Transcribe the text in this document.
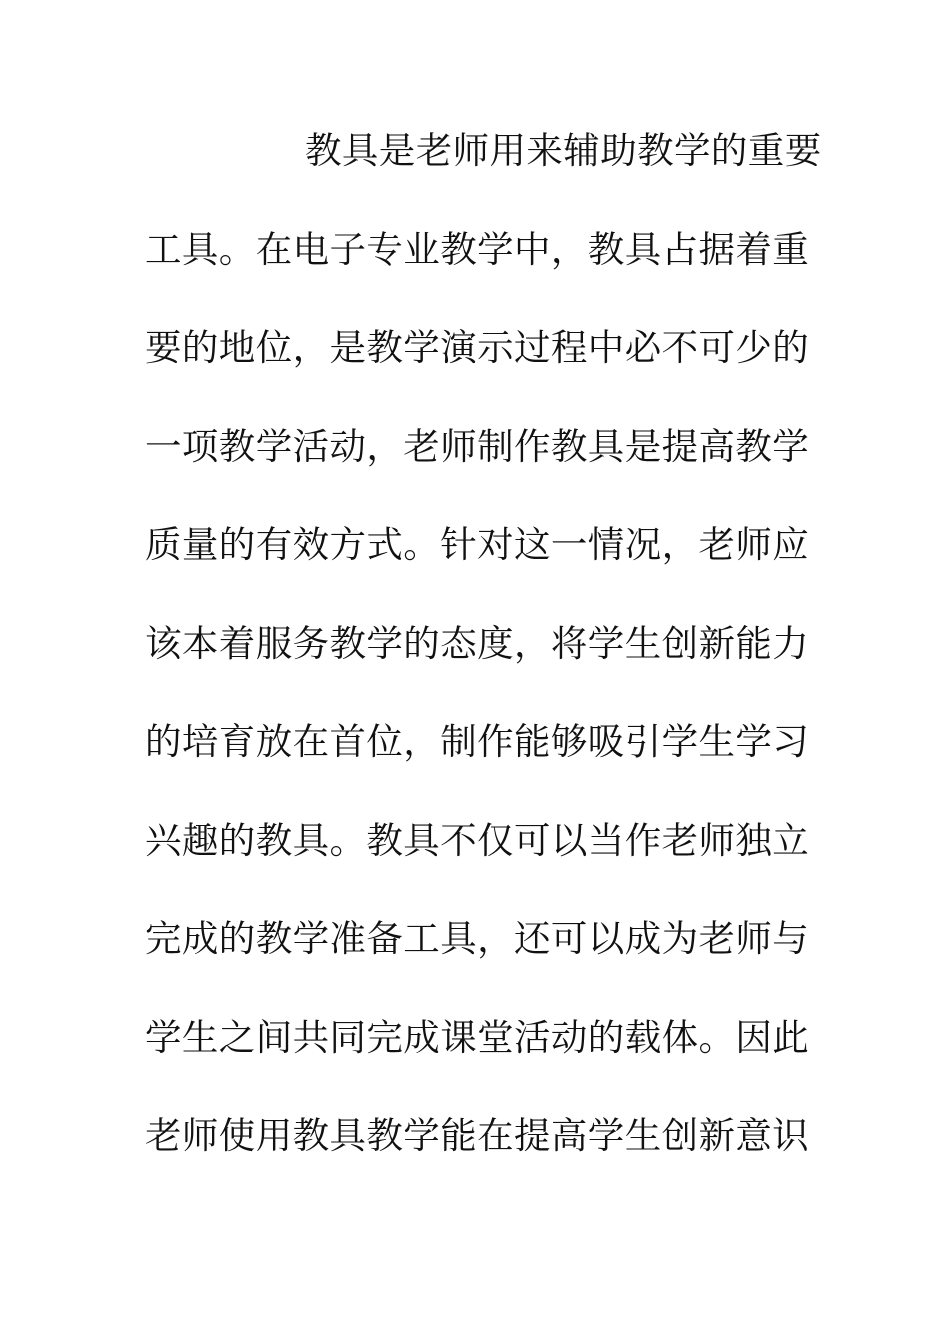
教具是老师用来辅助教学的重要
工具。在电子专业教学中，教具占据着重
要的地位，是教学演示过程中必不可少的
一项教学活动，老师制作教具是提高教学
质量的有效方式。针对这一情况，老师应
该本着服务教学的态度，将学生创新能力
的培育放在首位，制作能够吸引学生学习
兴趣的教具。教具不仅可以当作老师独立
完成的教学准备工具，还可以成为老师与
学生之间共同完成课堂活动的载体。因此
老师使用教具教学能在提高学生创新意识
